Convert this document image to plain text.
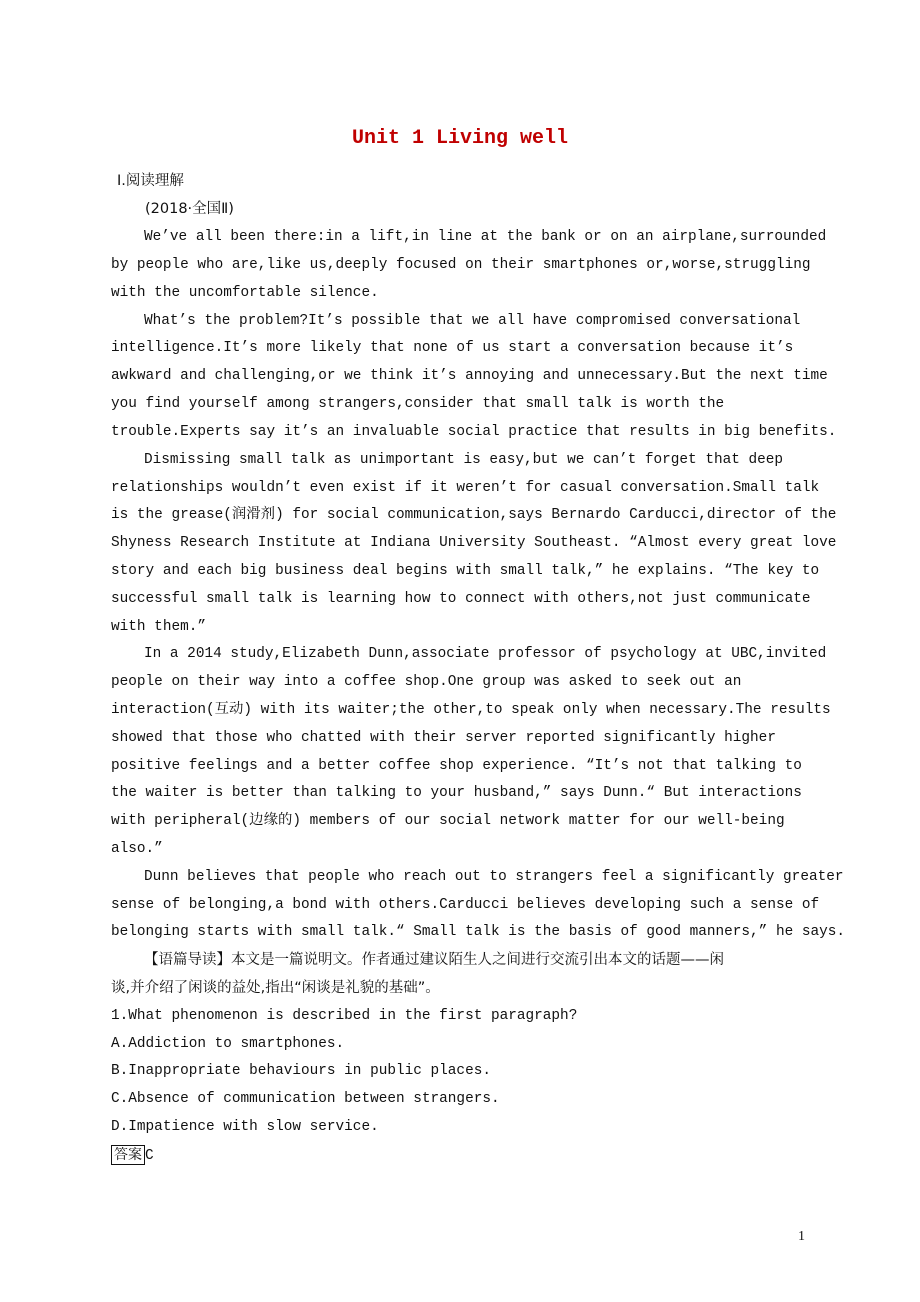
Unit 1 Living well
Ⅰ.阅读理解
(2018·全国Ⅱ)
We’ve all been there:in a lift,in line at the bank or on an airplane,surrounded
by people who are,like us,deeply focused on their smartphones or,worse,struggling
with the uncomfortable silence.
What’s the problem?It’s possible that we all have compromised conversational
intelligence.It’s more likely that none of us start a conversation because it’s
awkward and challenging,or we think it’s annoying and unnecessary.But the next time
you find yourself among strangers,consider that small talk is worth the
trouble.Experts say it’s an invaluable social practice that results in big benefits.
Dismissing small talk as unimportant is easy,but we can’t forget that deep
relationships wouldn’t even exist if it weren’t for casual conversation.Small talk
is the grease(润滑剂) for social communication,says Bernardo Carducci,director of the
Shyness Research Institute at Indiana University Southeast. “Almost every great love
story and each big business deal begins with small talk,” he explains. “The key to
successful small talk is learning how to connect with others,not just communicate
with them.”
In a 2014 study,Elizabeth Dunn,associate professor of psychology at UBC,invited
people on their way into a coffee shop.One group was asked to seek out an
interaction(互动) with its waiter;the other,to speak only when necessary.The results
showed that those who chatted with their server reported significantly higher
positive feelings and a better coffee shop experience. “It’s not that talking to
the waiter is better than talking to your husband,” says Dunn.“ But interactions
with peripheral(边缘的) members of our social network matter for our well-being
also.”
Dunn believes that people who reach out to strangers feel a significantly greater
sense of belonging,a bond with others.Carducci believes developing such a sense of
belonging starts with small talk.“ Small talk is the basis of good manners,” he says.
【语篇导读】本文是一篇说明文。作者通过建议陌生人之间进行交流引出本文的话题——闲
谈,并介绍了闲谈的益处,指出“闲谈是礼貌的基础”。
1.What phenomenon is described in the first paragraph?
A.Addiction to smartphones.
B.Inappropriate behaviours in public places.
C.Absence of communication between strangers.
D.Impatience with slow service.
答案 C
1
